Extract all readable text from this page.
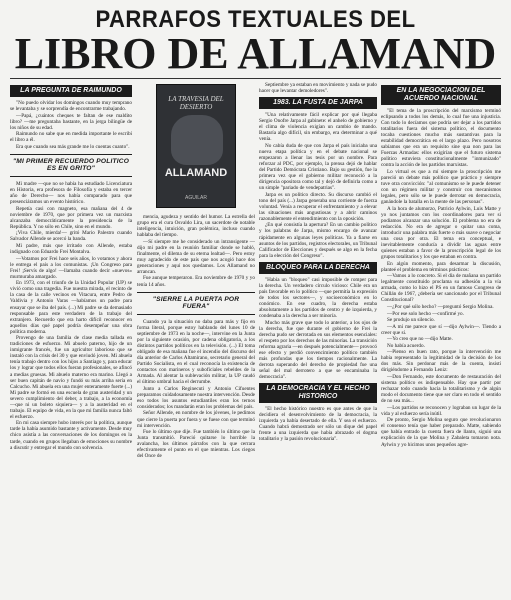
PARRAFOS TEXTUALES DEL
LIBRO DE ALLAMAND
LA PREGUNTA DE RAIMUNDO

"No puedo olvidar los domingos cuando muy temprano se levantaba y se sorprendía de encontrarme trabajando.

—Papá, ¿cuántos cheques te faltan de ese maldito libro? —me preguntaba bastante, en la jerga bilingüe de los niños de su edad.

Raimundo no sabe que en medida importante le escribí el libro a él.

Era que cuando sea más grande me lo cuentas cuanto".

"MI PRIMER RECUERDO POLITICO ES EN GRITO"

Mi madre —que no se había ha estudiado Licenciatura en Historia, era profesora de Filosofía y estaba en tercer año de Derecho— nos había comparado para que presenciáramos un evento histórico.

Repetía casi con magneto, esa mañana del 4 de noviembre de 1970, que por primera vez un marxista alcanzaba democráticamente la presidencia de la República. Y no sólo en Chile, sino en el mundo.

¡Viva Chile, mierda!— gritó Mario Palestro cuando Salvador Allende se acercó la banda.

Mi padre, más que irritado con Allende, estaba indignado con Eduardo Frei Montalva.

—Votamos por Frei hace seis años, lo votamos y ahora le entrega el país a los comunistas. ¡Un Congreso para Frei! ¡Servís de algo! —llamaba cuando decir «nuevos» murmuraba amargado.

En 1973, con el triunfo de la Unidad Popular (UP) se vivió como una tragedia. Fue nuestra mirada, el recinto de la casa de la calle vecinos en Vitacura, entre Pedro de Valdivia y Antonio Varas —habíamos un padre para ensayar que se iba del país. (...) Mi padre se da demasiado responsable para este verdadero de la trabajo del extranjero. Recuerdo que era harto difícil reconocer en aquellos días qué papel podría desempeñar una obra política moderna.

Provengo de una familia de clase media tallada en tradiciones de esfuerzo. Mi abuelo paterno, hijo de un inmigrante francés, fue un agricultor laborioso que se instaló con la crisis del 30 y que enviudó joven. Mi abuela tenía trabajo dentro con los hijos a Santiago y, para educar los y lograr que todos ellos fueran profesionales, se afincó a medias gruesas. Mi abuelo materno era marino. Llegó a ser buen capitán de navío y fundó su más arriba sería en Calcucho. Mi abuela era una mujer enteramente fuerte (...) Mi padre se formó en una escuela de gran austeridad y un severo cumplimiento del deber, a trabajo, a la economía —que ni un boleto siquiera— y a la austeridad en el trabajo. El equipo de vida, en la que mi familia nunca faltó el esfuerzo.

En mi casa siempre hubo interés por la política, aunque tarde la había asumido bastante y activamente. Desde muy chico asistía a las conversaciones de los domingos en la tarde, cuando en grupos llegaban de emociones su nombre a discutir y entregar el mundo con solvencia.

LA TRAVESIA DEL DESIERTO
ALLAMAND
AGUILAR

mencia, agudeza y sentido del humor. La estrella del grupo era el cura Osvaldo Lira, un sacerdote de notable inteligencia, intuición, gran polémica, incluso cuando hablaba del tiempo.

—Sí siempre me he considerado un intransigente —dijo mi padre en la reunión familiar donde se habló, finalmente, el dilema de su eterna lealtad—. Pero estoy muy agradecido de este país que nos acogió hace dos generaciones y aquí nos quedamos. Los Allamand no arrancan.

Fue aunque temperaron. Era noviembre de 1970 y yo tenía 14 años.

"SIERRE LA PUERTA POR FUERA"

Cuando ya la situación no daba para más y fijo en forma literal, porque estoy hablando del lunes 10 de septiembre de 1973 en la noche—, intervine en la Junta por la siguiente ocasión, por cadena obligatoria, a los distintos partidos políticos en la televisión. (...) El toma obligado de esa mañana fue el incendio del discurso del día anterior de Carlos Altamirano, secretario general del Partido Socialista, en el cual reconocía la existencia de contactos con marineros y suboficiales rebeldes de la Armada. Al alentar la sublevación militar, la UP caudó el último umbral hacia el derrumbe.

Junto a Carlos Reginecuti y Antonio Cifuentes preparamos cuidadosamente nuestra intervención. Desde eso todos los asuntos estudiantiles eran los ternos considerados; los mandarán eran los problemas del país.

Señor Allende, en nombre de los jóvenes, le pedimos que cierre la puerta por fuera y se fuese con que terminó mi intervención.

Fue lo último que dije. Fue también lo último que la Junta transmitió. Pareció quitarse lo horrible la avalancha, los últimos párrafos con la que cerrara efectivamente el punto en el que mientras. Los ciegos del Once de

Septiembre ya estaban en movimiento y nada se pudo hacer que levantar demoledores".

1983. LA FUSTA DE JARPA

"Una relativamente fácil explicar por qué llegaba Sergio Onofre Jarpa al gabinete: el anhelo de gobierno y el clima de violencia exigían un cambio de mando. Bastaría algo difícil, sin embargo, era determinar a qué venía.

No cabía duda de que con Jarpa el país iniciaba una nueva etapa política y en el debate nacional se empezaron a llenar las tesis por un nombre. Para reforzar al PDC, por ejemplo, la prensa dejó de hablar del Partido Demócrata Cristiano. Bajo su gestión, fue la primera vez que el gobierno militar reconoció a la dirigencia opositora como tal y dejó de definirla como a un simple "pariado de vendepatrias".

Jarpa es un político directo. Su discurso cambió el tono del país (...) Jarpa generaba una corriente de fuerza voluntad. Venía a recuperar el enfrentamiento y a elevar las situaciones más angustiosas y a abrir caminos razonablemente el entendimiento con la oposición.

¿En qué consistía la apertura? En un cambio político y los palabras de Jarpa, mismo encargo de avanzar rápidamente en algunas leyes políticas. Ya a fiarse en asuntos de los partidos, registros electorales, un Tribunal Calificador de Elecciones y después se algo en la fecha para la elección del Congreso".

BLOQUEO PARA LA DERECHA

"Había un "bloqueo" casi imposible de romper para la derecha. Un verdadero círculo vicioso: Chile era un país favorable en lo político —que permitía la expresión de todos los sectores—, y socioeconómico en lo conómico. En ese cuadro, la derecha estaba absolutamente a los partidos de centro y de izquierda, y condenaba a la derecha a ser minoría.

Mucho más grave que todo lo anterior, a los ojos de la derecha, fue que durante el gobierno de Frei la derecha pudo ser derrotada en sus elementos esenciales: el respeto por los derechos de las minorías. La transición reforma agraria —en después potencialmente— provocó ese efecto y perdió convencimiento político también más profundas que los tiempos racionalmente. La derrota superando del derecho de propiedad fue una señal del mal derrotero a que se encaminaba la democracia".

LA DEMOCRACIA Y EL HECHO HISTORICO

"El hecho histórico nuestro es que antes de que la decidiera el desenvolvimiento de la democracia, la izquierda ya había desertado de ella. Y sea el esfuerzo. Cuando habrá demostrado ser sólo un dique del papel frente a una izquierda que había abrazado el dogma totalitario y la pasión revolucionaria".

EN LA NEGOCIACION DEL ACUERDO NACIONAL

"El tema de la proscripción del marxismo terminó eclipsando a todos los demás, lo cual fue una injusticia. Con todo lo decíamos que podría ser dejar a los partidos totalitarios fuera del sistema político, el documento tocaba cuestiones mucho más sustantivas para la estabilidad democrática en el largo plazo. Pero nosotros sabíamos que era un requisito sine qua non para las Fuerzas Armadas: ellos exigirían que el futuro sistema político estuviera constitucionalmente "inmunizado" contra la acción de los partidos marxistas.

Lo virtual es que a mí siempre la proscripción me pareció un debate más político que práctico y siempre tuve otra convicción: "al comunismo se le puede detener con un régimen militar y construir con mecanismos legales, pero sólo se le puede derrotar en democracia, ganándole la batalla en la mente de las personas".

A la hora de alumorzo, Patricio Aylwin, Luis Matte y yo nos juntamos con los coordinadores para ver si podíamos alcanzar una solución. El problema no era de redacción. No era de agregar o quitar una coma, introducir una palabra más fuerte o más suave o negociar una cosa por otra. El tema era conceptual, e inevitablemente conducía a dividir las aguas entre quienes estaban a favor de la proscripción legal de los grupos totalitarios y los que estaban en contra.

En algún momento, para desarmar la discusión, planteé el problema en términos prácticos:

—Vamos a lo concreto. Si el día de mañana un partido legalmente constituido proclama su adhesión a la vía armada, como lo hizo el PS en un famoso Congreso de Chillán de 1967, ¿debería ser sancionado por el Tribunal Constitucional?

—¿Por qué sólo hecho? —preguntó Sergio Molina.

—Por ese solo hecho —confirmé yo.

Se produjo un silencio.

—A mí me parece que sí —dijo Aylwin—. Tiendo a creer que sí.

—Yo creo que no —dijo Matte.

No había acuerdo.

—Pienso en buen rato, porque la intervención me había representado la legitimidad de la decisión de los dos más. Sin perdonar más de la cuenta, insistí dirigiéndome a Fernando Leniz:

—Don Fernando, este documento de restauración del sistema político es indispensable. Hay que partir por rechazar todo cuando hacia la totalitarismo y de algún modo el documento tiene que ser claro en todo el sentido de no sea más...

—Los partidos se reconocen y lograban un lugar de la vida y al esfuerzo sería inútil.

De pronto, Sergio Molina seguro que revolucionaron el consenso tenía que haber preparado. Matte, sabiendo que había entrado la cuenta fuera de llanto, siguió una explicación de la que Molina y Zabaleta tomaron nota. Aylwin y yo hicimos unos pequeños agre-
